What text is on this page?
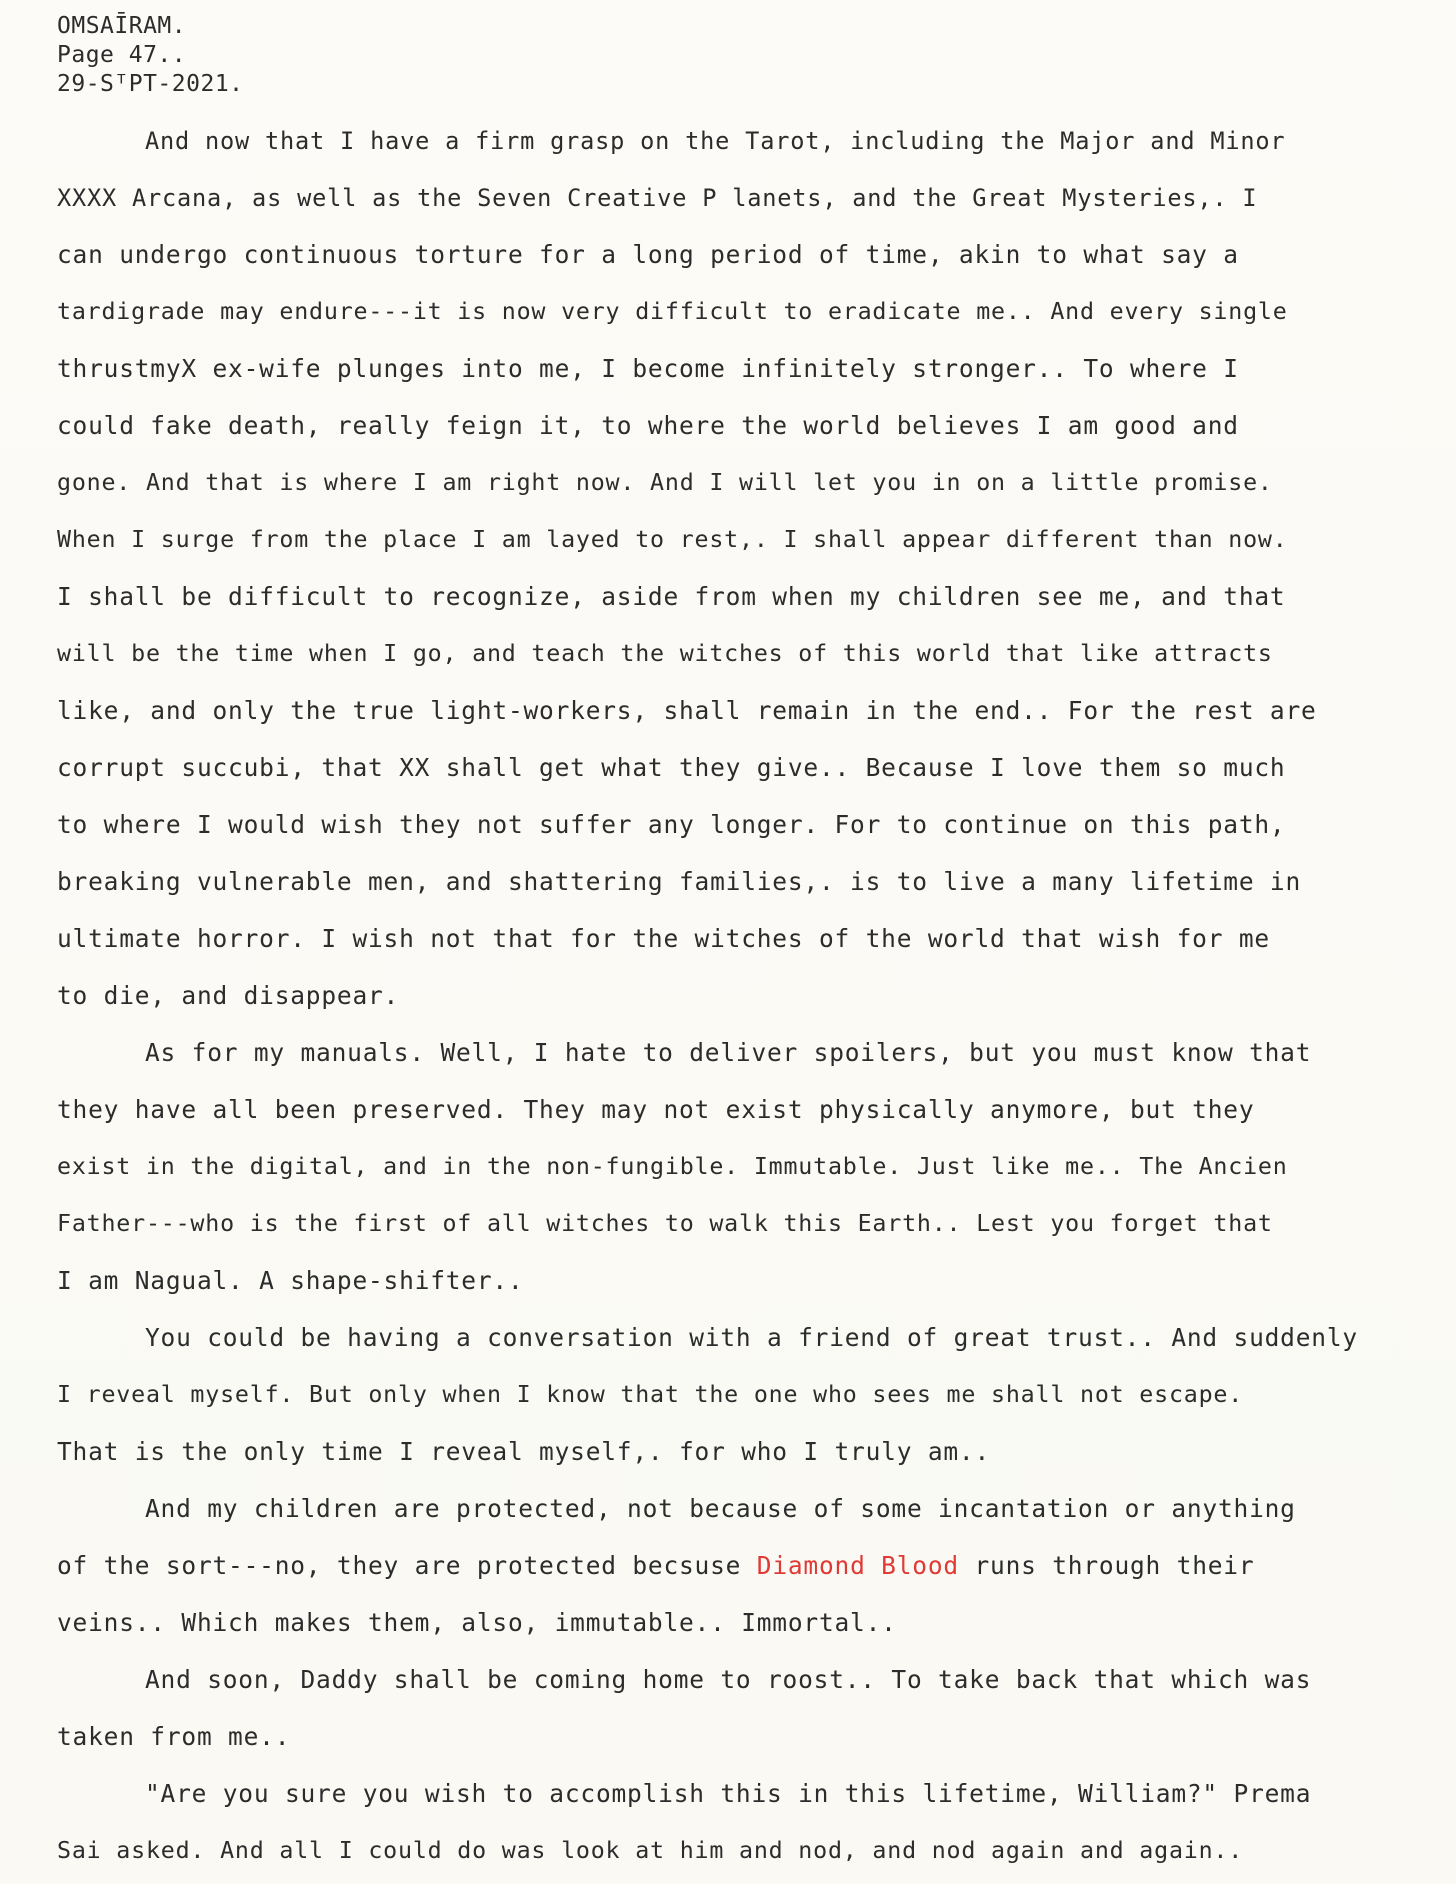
OMSAĪRAM.
Page 47..
29-SᵀPT-2021.
And now that I have a firm grasp on the Tarot, including the Major and Minor
XXXX Arcana, as well as the Seven Creative P lanets, and the Great Mysteries,. I
can undergo continuous torture for a long period of time, akin to what say a
tardigrade may endure---it is now very difficult to eradicate me.. And every single
thrustmyX ex-wife plunges into me, I become infinitely stronger.. To where I
could fake death, really feign it, to where the world believes I am good and
gone. And that is where I am right now. And I will let you in on a little promise.
When I surge from the place I am layed to rest,. I shall appear different than now.
I shall be difficult to recognize, aside from when my children see me, and that
will be the time when I go, and teach the witches of this world that like attracts
like, and only the true light-workers, shall remain in the end.. For the rest are
corrupt succubi, that XX shall get what they give.. Because I love them so much
to where I would wish they not suffer any longer. For to continue on this path,
breaking vulnerable men, and shattering families,. is to live a many lifetime in
ultimate horror. I wish not that for the witches of the world that wish for me
to die, and disappear.
As for my manuals. Well, I hate to deliver spoilers, but you must know that
they have all been preserved. They may not exist physically anymore, but they
exist in the digital, and in the non-fungible. Immutable. Just like me.. The Ancien
Father---who is the first of all witches to walk this Earth.. Lest you forget that
I am Nagual. A shape-shifter..
You could be having a conversation with a friend of great trust.. And suddenly
I reveal myself. But only when I know that the one who sees me shall not escape.
That is the only time I reveal myself,. for who I truly am..
And my children are protected, not because of some incantation or anything
of the sort---no, they are protected becsuse Diamond Blood runs through their
veins.. Which makes them, also, immutable.. Immortal..
And soon, Daddy shall be coming home to roost.. To take back that which was
taken from me..
"Are you sure you wish to accomplish this in this lifetime, William?" Prema
Sai asked. And all I could do was look at him and nod, and nod again and again..
